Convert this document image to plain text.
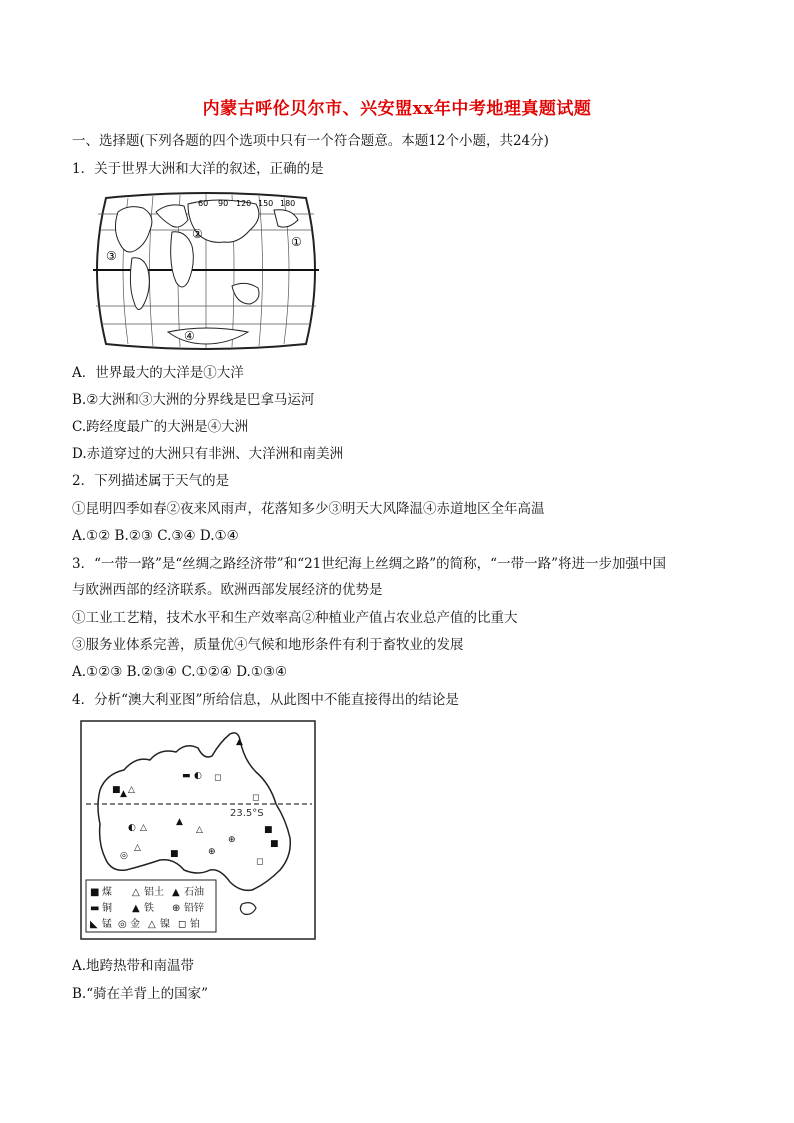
内蒙古呼伦贝尔市、兴安盟xx年中考地理真题试题
一、选择题(下列各题的四个选项中只有一个符合题意。本题12个小题，共24分)
1．关于世界大洲和大洋的叙述，正确的是
60 90 120 150 180
①
②
③
④
A．世界最大的大洋是①大洋
B.②大洲和③大洲的分界线是巴拿马运河
C.跨经度最广的大洲是④大洲
D.赤道穿过的大洲只有非洲、大洋洲和南美洲
2．下列描述属于天气的是
①昆明四季如春②夜来风雨声，花落知多少③明天大风降温④赤道地区全年高温
A.①② B.②③ C.③④ D.①④
3．“一带一路”是“丝绸之路经济带”和“21世纪海上丝绸之路”的简称，“一带一路”将进一步加强中国
与欧洲西部的经济联系。欧洲西部发展经济的优势是
①工业工艺精，技术水平和生产效率高②种植业产值占农业总产值的比重大
③服务业体系完善，质量优④气候和地形条件有利于畜牧业的发展
A.①②③ B.②③④ C.①②④ D.①③④
4．分析“澳大利亚图”所给信息，从此图中不能直接得出的结论是
23.5°S
■ ▲ △
▬ ◐ ◻
▲
◻
◐ △
▲
△
⊕
■
◎
△
■	⊕
◻
■
■ 煤 △ 铝土 ▲ 石油
▬ 铜 ▲ 铁 ⊕ 铅锌
◣ 锰 ◎ 金 △ 镍 ◻ 铂
A.地跨热带和南温带
B.“骑在羊背上的国家”
